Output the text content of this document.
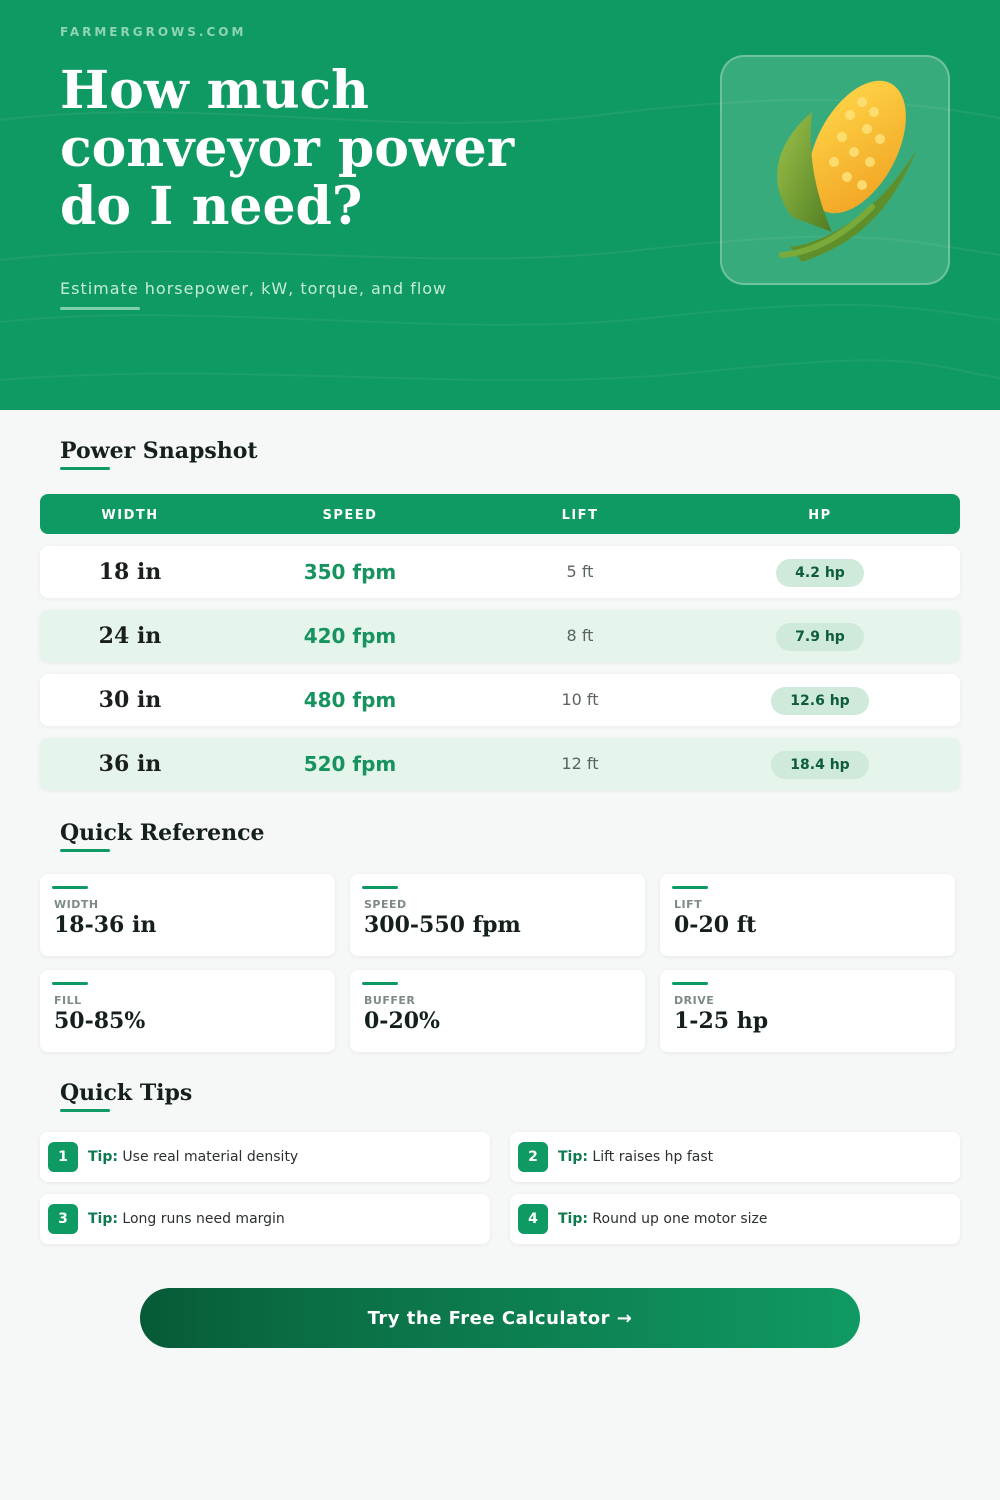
FARMERGROWS.COM
How much conveyor power do I need?
Estimate horsepower, kW, torque, and flow
Power Snapshot
WIDTH	SPEED	LIFT	HP
18 in	350 fpm	5 ft	4.2 hp
24 in	420 fpm	8 ft	7.9 hp
30 in	480 fpm	10 ft	12.6 hp
36 in	520 fpm	12 ft	18.4 hp
Quick Reference
WIDTH
18-36 in
SPEED
300-550 fpm
LIFT
0-20 ft
FILL
50-85%
BUFFER
0-20%
DRIVE
1-25 hp
Quick Tips
1	Tip: Use real material density	2	Tip: Lift raises hp fast
3	Tip: Long runs need margin	4	Tip: Round up one motor size
Try the Free Calculator →
